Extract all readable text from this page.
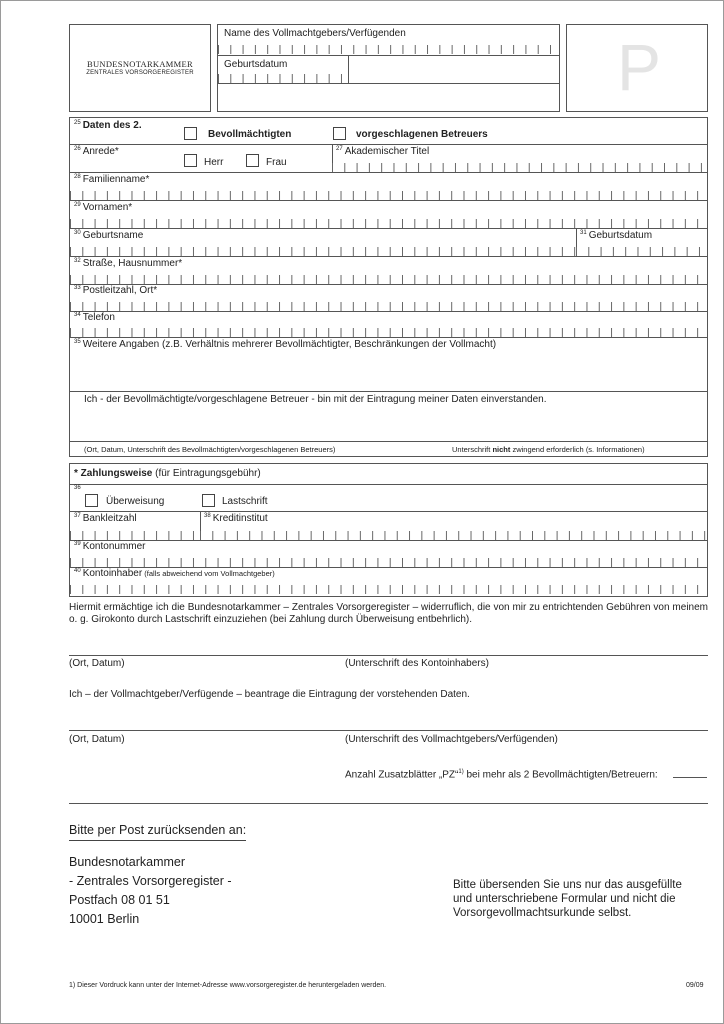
BUNDESNOTARKAMMER
ZENTRALES VORSORGEREGISTER
Name des Vollmachtgebers/Verfügenden
Geburtsdatum	P
$^{25}$ Daten des 2.
Bevollmächtigten	vorgeschlagenen Betreuers
$^{26}$ Anrede*
Herr	Frau
$^{27}$ Akademischer Titel
$^{28}$ Familienname*
$^{29}$ Vornamen*
$^{30}$ Geburtsname	$^{31}$ Geburtsdatum
$^{32}$ Straße, Hausnummer*
$^{33}$ Postleitzahl, Ort*
$^{34}$ Telefon
$^{35}$ Weitere Angaben (z.B. Verhältnis mehrerer Bevollmächtigter, Beschränkungen der Vollmacht)
Ich - der Bevollmächtigte/vorgeschlagene Betreuer - bin mit der Eintragung meiner Daten einverstanden.
(Ort, Datum, Unterschrift des Bevollmächtigten/vorgeschlagenen Betreuers)	Unterschrift nicht zwingend erforderlich (s. Informationen)
* Zahlungsweise (für Eintragungsgebühr)
$^{36}$
Überweisung	Lastschrift
$^{37}$ Bankleitzahl	$^{38}$ Kreditinstitut
$^{39}$ Kontonummer
$^{40}$ Kontoinhaber (falls abweichend vom Vollmachtgeber)
Hiermit ermächtige ich die Bundesnotarkammer – Zentrales Vorsorgeregister – widerruflich, die von mir zu entrichtenden Gebühren von meinem o. g. Girokonto durch Lastschrift einzuziehen (bei Zahlung durch Überweisung entbehrlich).
(Ort, Datum)	(Unterschrift des Kontoinhabers)
Ich – der Vollmachtgeber/Verfügende – beantrage die Eintragung der vorstehenden Daten.
(Ort, Datum)	(Unterschrift des Vollmachtgebers/Verfügenden)
Anzahl Zusatzblätter „PZ“$^{1)}$ bei mehr als 2 Bevollmächtigten/Betreuern:
Bitte per Post zurücksenden an:
Bundesnotarkammer
- Zentrales Vorsorgeregister -
Postfach 08 01 51
10001 Berlin
Bitte übersenden Sie uns nur das ausgefüllte
und unterschriebene Formular und nicht die
Vorsorgevollmachtsurkunde selbst.
1) Dieser Vordruck kann unter der Internet-Adresse www.vorsorgeregister.de heruntergeladen werden.	09/09
